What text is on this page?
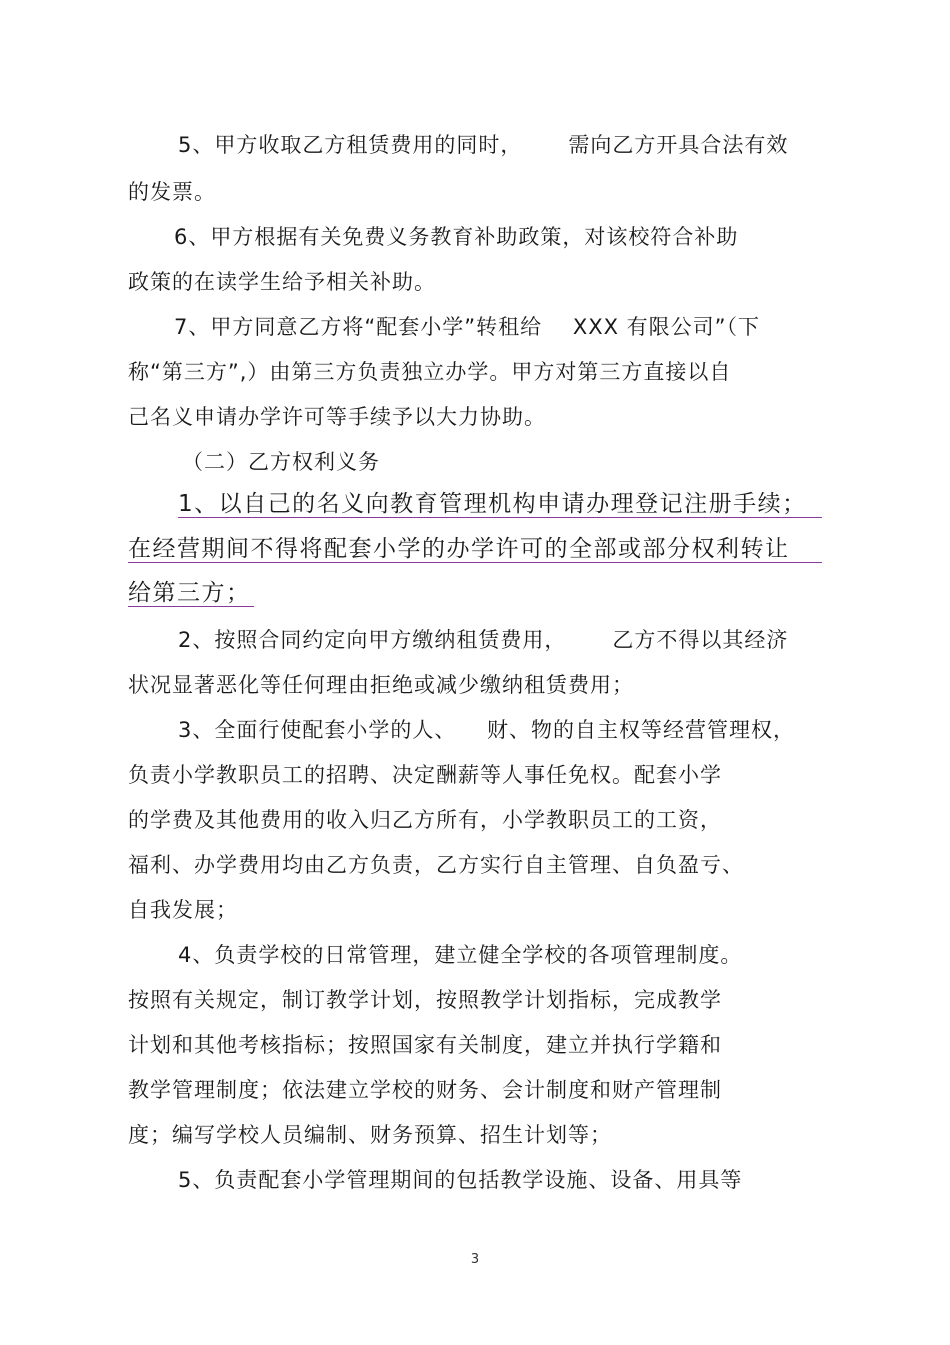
5、甲方收取乙方租赁费用的同时，      需向乙方开具合法有效
的发票。
6、甲方根据有关免费义务教育补助政策，对该校符合补助
政策的在读学生给予相关补助。
7、甲方同意乙方将“配套小学”转租给    XXX 有限公司”（下
称“第三方”,）由第三方负责独立办学。甲方对第三方直接以自
己名义申请办学许可等手续予以大力协助。
（二）乙方权利义务
1、以自己的名义向教育管理机构申请办理登记注册手续；
在经营期间不得将配套小学的办学许可的全部或部分权利转让
给第三方；
2、按照合同约定向甲方缴纳租赁费用，      乙方不得以其经济
状况显著恶化等任何理由拒绝或减少缴纳租赁费用；
3、全面行使配套小学的人、    财、物的自主权等经营管理权，
负责小学教职员工的招聘、决定酬薪等人事任免权。配套小学
的学费及其他费用的收入归乙方所有，小学教职员工的工资，
福利、办学费用均由乙方负责，乙方实行自主管理、自负盈亏、
自我发展；
4、负责学校的日常管理，建立健全学校的各项管理制度。
按照有关规定，制订教学计划，按照教学计划指标，完成教学
计划和其他考核指标；按照国家有关制度，建立并执行学籍和
教学管理制度；依法建立学校的财务、会计制度和财产管理制
度；编写学校人员编制、财务预算、招生计划等；
5、负责配套小学管理期间的包括教学设施、设备、用具等
3
